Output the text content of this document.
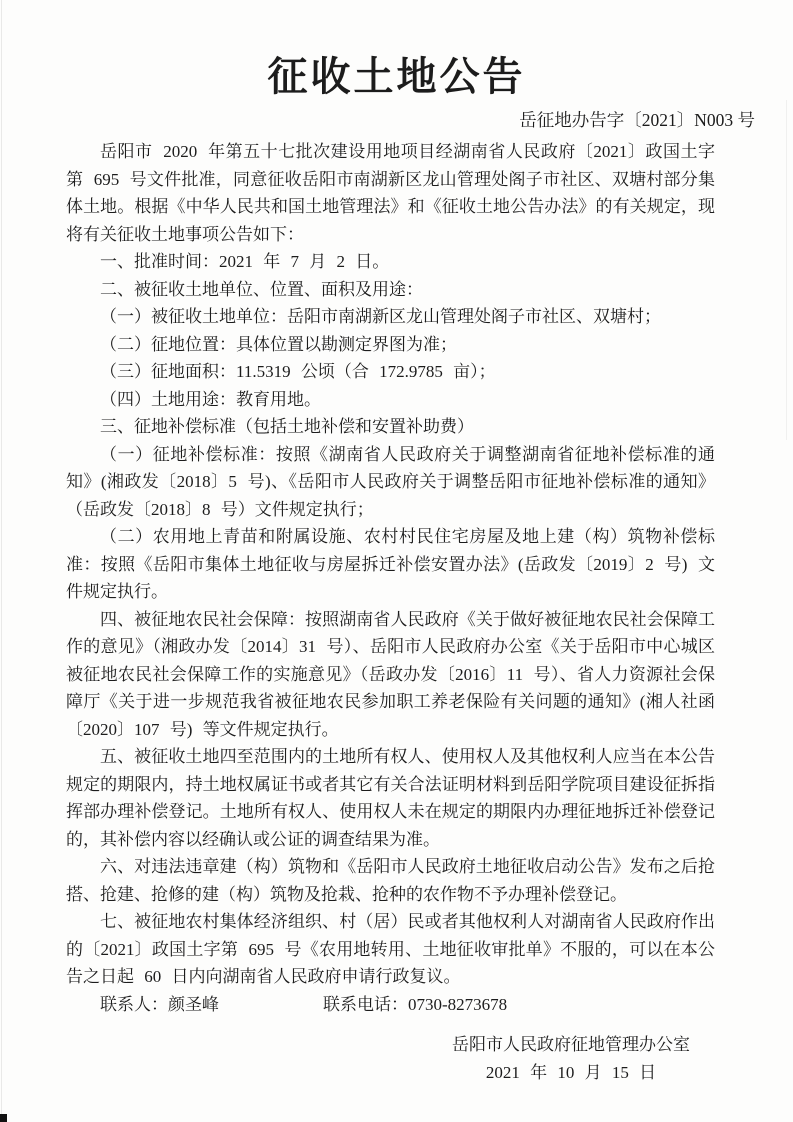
征收土地公告
岳征地办告字〔2021〕N003 号

岳阳市 2020 年第五十七批次建设用地项目经湖南省人民政府〔2021〕政国土字第 695 号文件批准，同意征收岳阳市南湖新区龙山管理处阁子市社区、双塘村部分集体土地。根据《中华人民共和国土地管理法》和《征收土地公告办法》的有关规定，现将有关征收土地事项公告如下：

一、批准时间：2021 年 7 月 2 日。

二、被征收土地单位、位置、面积及用途：

（一）被征收土地单位：岳阳市南湖新区龙山管理处阁子市社区、双塘村；

（二）征地位置：具体位置以勘测定界图为准；

（三）征地面积：11.5319 公顷（合 172.9785 亩）；

（四）土地用途：教育用地。

三、征地补偿标准（包括土地补偿和安置补助费）

（一）征地补偿标准：按照《湖南省人民政府关于调整湖南省征地补偿标准的通知》(湘政发〔2018〕5 号)、《岳阳市人民政府关于调整岳阳市征地补偿标准的通知》（岳政发〔2018〕8 号）文件规定执行；

（二）农用地上青苗和附属设施、农村村民住宅房屋及地上建（构）筑物补偿标准：按照《岳阳市集体土地征收与房屋拆迁补偿安置办法》(岳政发〔2019〕2 号) 文件规定执行。

四、被征地农民社会保障：按照湖南省人民政府《关于做好被征地农民社会保障工作的意见》（湘政办发〔2014〕31 号）、岳阳市人民政府办公室《关于岳阳市中心城区被征地农民社会保障工作的实施意见》（岳政办发〔2016〕11 号）、省人力资源社会保障厅《关于进一步规范我省被征地农民参加职工养老保险有关问题的通知》(湘人社函〔2020〕107 号) 等文件规定执行。

五、被征收土地四至范围内的土地所有权人、使用权人及其他权利人应当在本公告规定的期限内，持土地权属证书或者其它有关合法证明材料到岳阳学院项目建设征拆指挥部办理补偿登记。土地所有权人、使用权人未在规定的期限内办理征地拆迁补偿登记的，其补偿内容以经确认或公证的调查结果为准。

六、对违法违章建（构）筑物和《岳阳市人民政府土地征收启动公告》发布之后抢搭、抢建、抢修的建（构）筑物及抢栽、抢种的农作物不予办理补偿登记。

七、被征地农村集体经济组织、村（居）民或者其他权利人对湖南省人民政府作出的〔2021〕政国土字第 695 号《农用地转用、土地征收审批单》不服的，可以在本公告之日起 60 日内向湖南省人民政府申请行政复议。

联系人：颜圣峰	联系电话：0730-8273678

岳阳市人民政府征地管理办公室
2021 年 10 月 15 日
